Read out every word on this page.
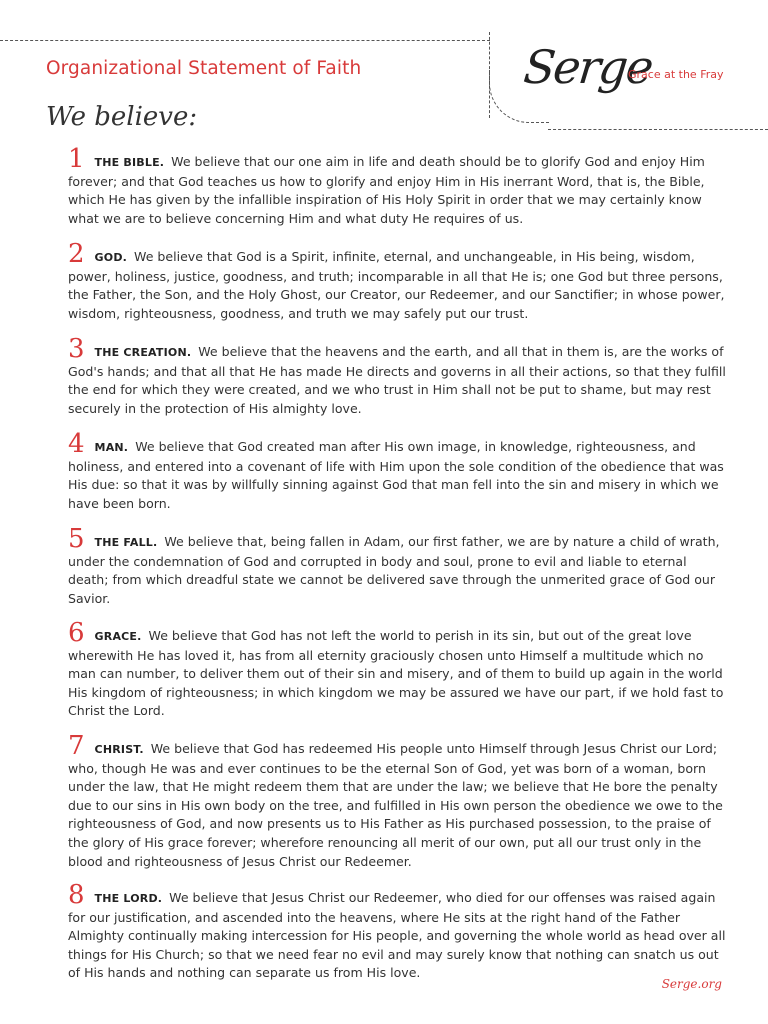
Organizational Statement of Faith	Serge
Grace at the Fray
We believe:
1 THE BIBLE. We believe that our one aim in life and death should be to glorify God and enjoy Him forever; and that God teaches us how to glorify and enjoy Him in His inerrant Word, that is, the Bible, which He has given by the infallible inspiration of His Holy Spirit in order that we may certainly know what we are to believe concerning Him and what duty He requires of us.
2 GOD. We believe that God is a Spirit, infinite, eternal, and unchangeable, in His being, wisdom, power, holiness, justice, goodness, and truth; incomparable in all that He is; one God but three persons, the Father, the Son, and the Holy Ghost, our Creator, our Redeemer, and our Sanctifier; in whose power, wisdom, righteousness, goodness, and truth we may safely put our trust.
3 THE CREATION. We believe that the heavens and the earth, and all that in them is, are the works of God's hands; and that all that He has made He directs and governs in all their actions, so that they fulfill the end for which they were created, and we who trust in Him shall not be put to shame, but may rest securely in the protection of His almighty love.
4 MAN. We believe that God created man after His own image, in knowledge, righteousness, and holiness, and entered into a covenant of life with Him upon the sole condition of the obedience that was His due: so that it was by willfully sinning against God that man fell into the sin and misery in which we have been born.
5 THE FALL. We believe that, being fallen in Adam, our first father, we are by nature a child of wrath, under the condemnation of God and corrupted in body and soul, prone to evil and liable to eternal death; from which dreadful state we cannot be delivered save through the unmerited grace of God our Savior.
6 GRACE. We believe that God has not left the world to perish in its sin, but out of the great love wherewith He has loved it, has from all eternity graciously chosen unto Himself a multitude which no man can number, to deliver them out of their sin and misery, and of them to build up again in the world His kingdom of righteousness; in which kingdom we may be assured we have our part, if we hold fast to Christ the Lord.
7 CHRIST. We believe that God has redeemed His people unto Himself through Jesus Christ our Lord; who, though He was and ever continues to be the eternal Son of God, yet was born of a woman, born under the law, that He might redeem them that are under the law; we believe that He bore the penalty due to our sins in His own body on the tree, and fulfilled in His own person the obedience we owe to the righteousness of God, and now presents us to His Father as His purchased possession, to the praise of the glory of His grace forever; wherefore renouncing all merit of our own, put all our trust only in the blood and righteousness of Jesus Christ our Redeemer.
8 THE LORD. We believe that Jesus Christ our Redeemer, who died for our offenses was raised again for our justification, and ascended into the heavens, where He sits at the right hand of the Father Almighty continually making intercession for His people, and governing the whole world as head over all things for His Church; so that we need fear no evil and may surely know that nothing can snatch us out of His hands and nothing can separate us from His love.
Serge.org
